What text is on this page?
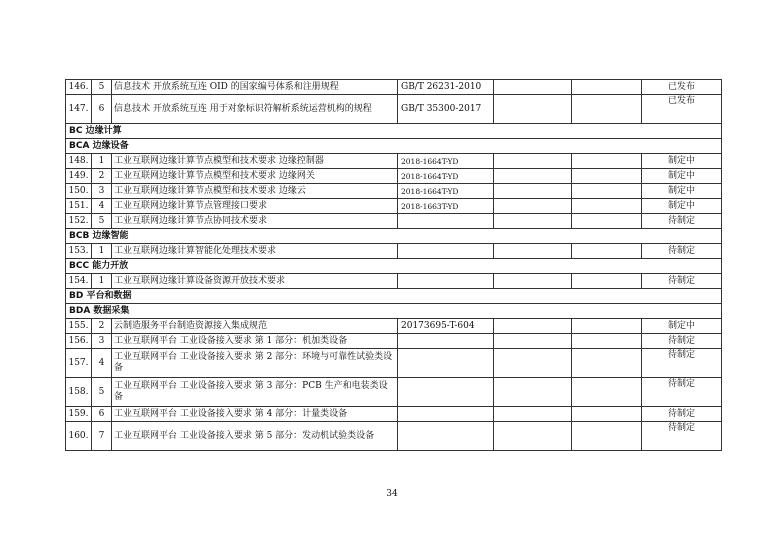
146.	5	信息技术 开放系统互连 OID 的国家编号体系和注册规程	GB/T 26231-2010			已发布
147.	6	信息技术 开放系统互连 用于对象标识符解析系统运营机构的规程	GB/T 35300-2017			已发布
BC 边缘计算						
BCA 边缘设备						
148.	1	工业互联网边缘计算节点模型和技术要求 边缘控制器	2018-1664T-YD			制定中
149.	2	工业互联网边缘计算节点模型和技术要求 边缘网关	2018-1664T-YD			制定中
150.	3	工业互联网边缘计算节点模型和技术要求 边缘云	2018-1664T-YD			制定中
151.	4	工业互联网边缘计算节点管理接口要求	2018-1663T-YD			制定中
152.	5	工业互联网边缘计算节点协同技术要求				待制定
BCB 边缘智能						
153.	1	工业互联网边缘计算智能化处理技术要求				待制定
BCC 能力开放						
154.	1	工业互联网边缘计算设备资源开放技术要求				待制定
BD 平台和数据						
BDA 数据采集						
155.	2	云制造服务平台制造资源接入集成规范	20173695-T-604			制定中
156.	3	工业互联网平台 工业设备接入要求 第 1 部分：机加类设备				待制定
157.	4	工业互联网平台 工业设备接入要求 第 2 部分：环境与可靠性试验类设备				待制定
158.	5	工业互联网平台 工业设备接入要求 第 3 部分：PCB 生产和电装类设备				待制定
159.	6	工业互联网平台 工业设备接入要求 第 4 部分：计量类设备				待制定
160.	7	工业互联网平台 工业设备接入要求 第 5 部分：发动机试验类设备				待制定
34
